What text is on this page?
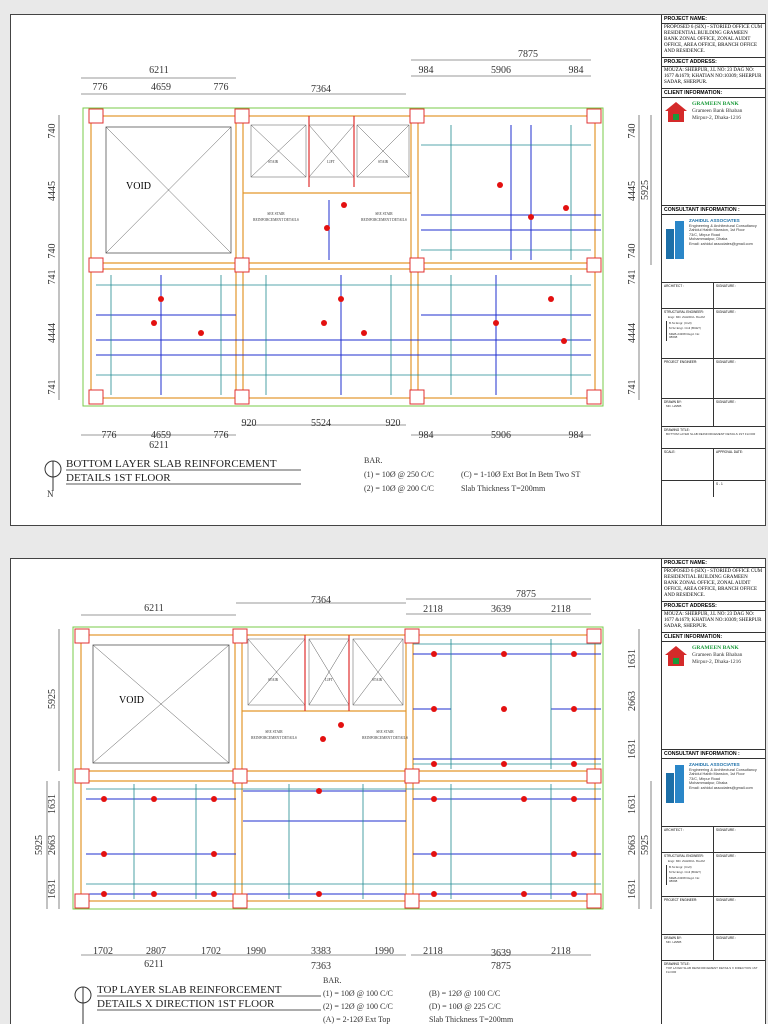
6211
776	4659	776	7364
7875
984	5906	984
740
4445
740
741
4444
741
740
4445
740
741
4444
741
5925
VOID
STAIR	LIFT	STAIR
SEE STAIR
REINFORCEMENT DETAILS
SEE STAIR
REINFORCEMENT DETAILS
776	4659	776
6211
920	5524	920
984	5906	984
N
BOTTOM LAYER SLAB REINFORCEMENT
DETAILS 1ST FLOOR
BAR.
(1) = 10Ø @ 250 C/C
(2) = 10Ø @ 200 C/C
(C) = 1-10Ø Ext Bot In Betn Two ST
Slab Thickness T=200mm
PROJECT NAME:
PROPOSED 6 (SIX) - STORIED OFFICE CUM RESIDENTIAL BUILDING GRAMEEN BANK ZONAL OFFICE, ZONAL AUDIT OFFICE, AREA OFFICE, BRANCH OFFICE AND RESIDENCE.
PROJECT ADDRESS:
MOUZA: SHERPUR, J.L NO: 23 DAG NO: 1677 &1679; KHATIAN NO:10309; SHERPUR SADAR, SHERPUR.
CLIENT INFORMATION:
GRAMEEN BANK
Grameen Bank Bhaban
Mirpur-2, Dhaka-1216
CONSULTANT INFORMATION :
ZAHIDUL ASSOCIATES
Engineering & Architectural Consultancy
Zahidul Habib Mansion, 1st Floor
73/C, Mirpur Road
Mohammadpur, Dhaka
Email: zahidul associates@gmail.com
ARCHITECT :	SIGNATURE :
STRUCTURAL ENGINEER:
Engr. MD. ZAHIDUL ISLAM
B.Sc Engr. (Civil)
M.Sc Engr. Civil (BUET)
MIEB-24368 Regd. No: 08698
SIGNATURE :
PROJECT ENGINEER:	SIGNATURE :
DRAWN BY:
MD. HABIB
SIGNATURE :
DRAWING TITLE:
BOTTOM LAYER SLAB REINFORCEMENT DETAILS 1ST FLOOR
SCALE:	APPROVAL DATE:
S - 1
6211
7364
7875
2118	3639	2118
5925
5925
1631
2663
1631
1631
2663
1631
1631
2663
1631
5925
VOID
STAIR	LIFT	STAIR
SEE STAIR
REINFORCEMENT DETAILS
SEE STAIR
REINFORCEMENT DETAILS
1702	2807	1702
6211
1990	3383	1990
7363
2118	3639	2118
7875
TOP LAYER SLAB REINFORCEMENT
DETAILS X DIRECTION 1ST FLOOR
BAR.
(1) = 10Ø @ 100 C/C
(2) = 12Ø @ 100 C/C
(A) = 2-12Ø Ext Top
(B) = 12Ø @ 100 C/C
(D) = 10Ø @ 225 C/C
Slab Thickness T=200mm
PROJECT NAME:
PROPOSED 6 (SIX) - STORIED OFFICE CUM RESIDENTIAL BUILDING GRAMEEN BANK ZONAL OFFICE, ZONAL AUDIT OFFICE, AREA OFFICE, BRANCH OFFICE AND RESIDENCE.
PROJECT ADDRESS:
MOUZA: SHERPUR, J.L NO: 23 DAG NO: 1677 &1679; KHATIAN NO:10309; SHERPUR SADAR, SHERPUR.
CLIENT INFORMATION:
GRAMEEN BANK
Grameen Bank Bhaban
Mirpur-2, Dhaka-1216
CONSULTANT INFORMATION :
ZAHIDUL ASSOCIATES
Engineering & Architectural Consultancy
Zahidul Habib Mansion, 1st Floor
73/C, Mirpur Road
Mohammadpur, Dhaka
Email: zahidul associates@gmail.com
ARCHITECT :	SIGNATURE :
STRUCTURAL ENGINEER:
Engr. MD. ZAHIDUL ISLAM
B.Sc Engr. (Civil)
M.Sc Engr. Civil (BUET)
MIEB-24368 Regd. No: 08698
SIGNATURE :
PROJECT ENGINEER:	SIGNATURE :
DRAWN BY:
MD. HABIB
SIGNATURE :
DRAWING TITLE:
TOP LAYER SLAB REINFORCEMENT DETAILS X DIRECTION 1ST FLOOR
